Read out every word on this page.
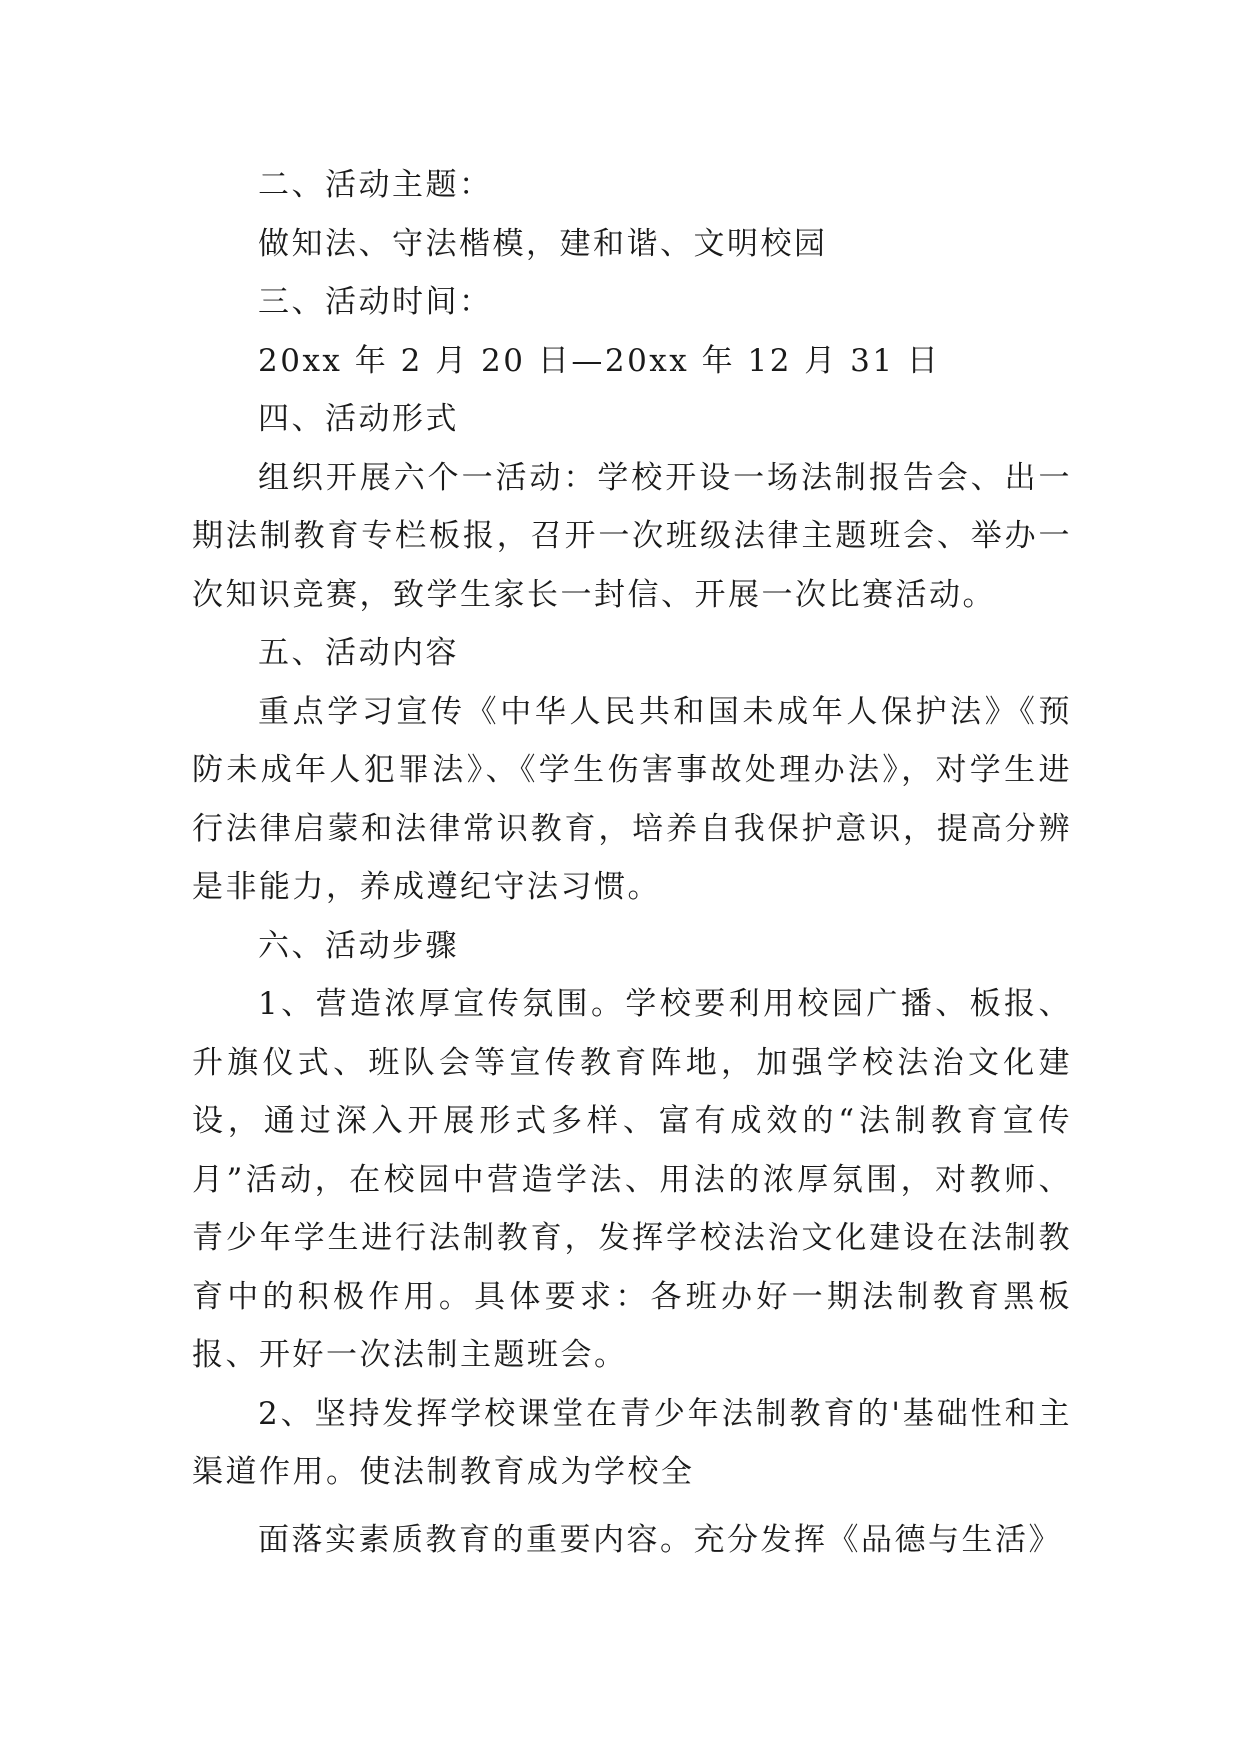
二、活动主题：

做知法、守法楷模，建和谐、文明校园

三、活动时间：

20xx 年 2 月 20 日—20xx 年 12 月 31 日

四、活动形式

组织开展六个一活动：学校开设一场法制报告会、出一期法制教育专栏板报，召开一次班级法律主题班会、举办一次知识竞赛，致学生家长一封信、开展一次比赛活动。

五、活动内容

重点学习宣传《中华人民共和国未成年人保护法》《预防未成年人犯罪法》、《学生伤害事故处理办法》，对学生进行法律启蒙和法律常识教育，培养自我保护意识，提高分辨是非能力，养成遵纪守法习惯。

六、活动步骤

1、营造浓厚宣传氛围。学校要利用校园广播、板报、升旗仪式、班队会等宣传教育阵地，加强学校法治文化建设，通过深入开展形式多样、富有成效的“法制教育宣传月”活动，在校园中营造学法、用法的浓厚氛围，对教师、青少年学生进行法制教育，发挥学校法治文化建设在法制教育中的积极作用。具体要求：各班办好一期法制教育黑板报、开好一次法制主题班会。

2、坚持发挥学校课堂在青少年法制教育的'基础性和主渠道作用。使法制教育成为学校全

面落实素质教育的重要内容。充分发挥《品德与生活》
